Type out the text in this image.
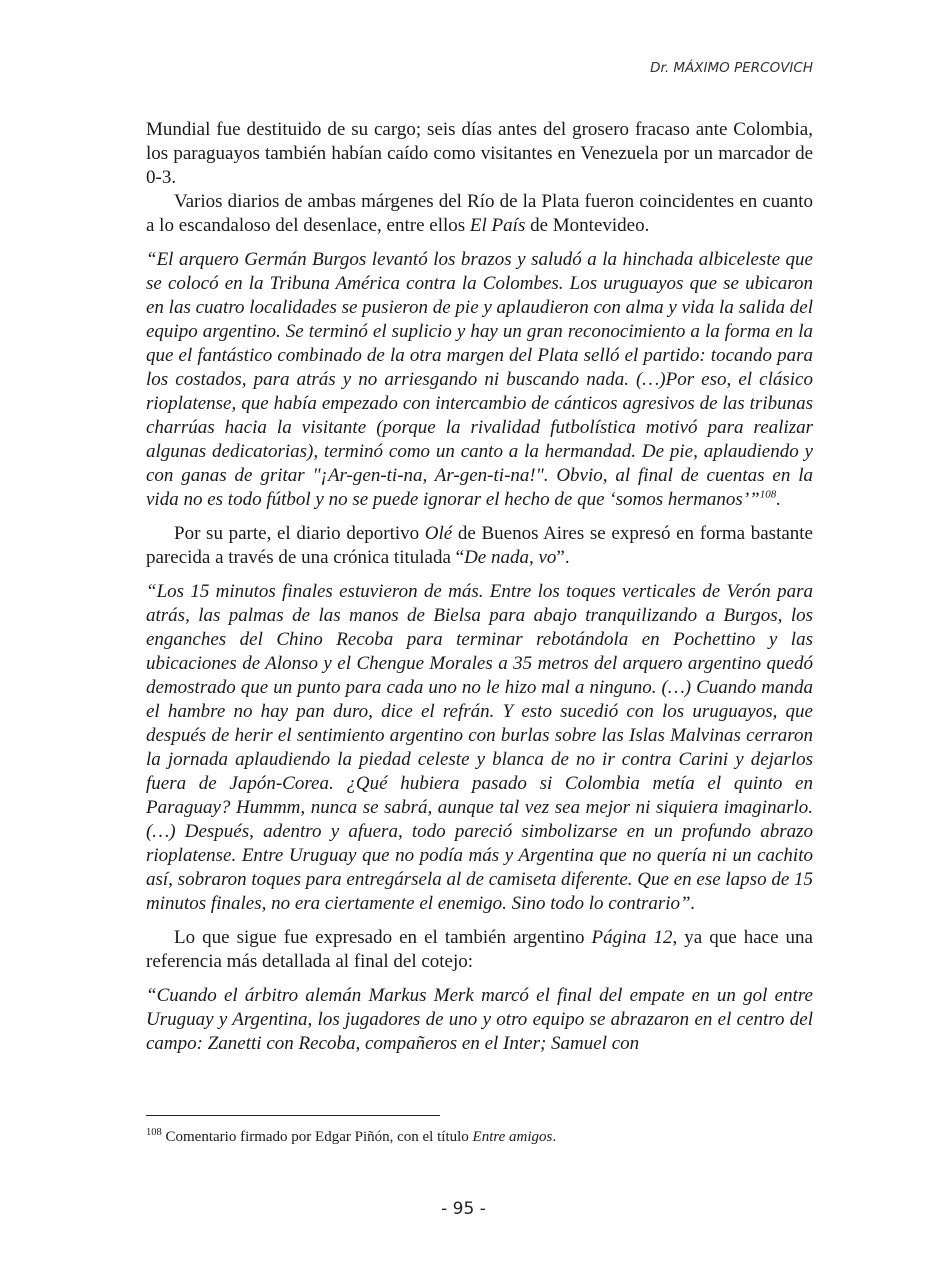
Dr. MÁXIMO PERCOVICH

Mundial fue destituido de su cargo; seis días antes del grosero fracaso ante Colombia, los paraguayos también habían caído como visitantes en Venezuela por un marcador de 0-3.

Varios diarios de ambas márgenes del Río de la Plata fueron coincidentes en cuanto a lo escandaloso del desenlace, entre ellos El País de Montevideo.

“El arquero Germán Burgos levantó los brazos y saludó a la hinchada albiceleste que se colocó en la Tribuna América contra la Colombes. Los uruguayos que se ubicaron en las cuatro localidades se pusieron de pie y aplaudieron con alma y vida la salida del equipo argentino. Se terminó el suplicio y hay un gran reconocimiento a la forma en la que el fantástico combinado de la otra margen del Plata selló el partido: tocando para los costados, para atrás y no arriesgando ni buscando nada. (…)Por eso, el clásico rioplatense, que había empezado con intercambio de cánticos agresivos de las tribunas charrúas hacia la visitante (porque la rivalidad futbolística motivó para realizar algunas dedicatorias), terminó como un canto a la hermandad. De pie, aplaudiendo y con ganas de gritar "¡Ar-gen-ti-na, Ar-gen-ti-na!". Obvio, al final de cuentas en la vida no es todo fútbol y no se puede ignorar el hecho de que ‘somos hermanos’”$^{108}$.

Por su parte, el diario deportivo Olé de Buenos Aires se expresó en forma bastante parecida a través de una crónica titulada “De nada, vo”.

“Los 15 minutos finales estuvieron de más. Entre los toques verticales de Verón para atrás, las palmas de las manos de Bielsa para abajo tranquilizando a Burgos, los enganches del Chino Recoba para terminar rebotándola en Pochettino y las ubicaciones de Alonso y el Chengue Morales a 35 metros del arquero argentino quedó demostrado que un punto para cada uno no le hizo mal a ninguno. (…) Cuando manda el hambre no hay pan duro, dice el refrán. Y esto sucedió con los uruguayos, que después de herir el sentimiento argentino con burlas sobre las Islas Malvinas cerraron la jornada aplaudiendo la piedad celeste y blanca de no ir contra Carini y dejarlos fuera de Japón-Corea. ¿Qué hubiera pasado si Colombia metía el quinto en Paraguay? Hummm, nunca se sabrá, aunque tal vez sea mejor ni siquiera imaginarlo. (…) Después, adentro y afuera, todo pareció simbolizarse en un profundo abrazo rioplatense. Entre Uruguay que no podía más y Argentina que no quería ni un cachito así, sobraron toques para entregársela al de camiseta diferente. Que en ese lapso de 15 minutos finales, no era ciertamente el enemigo. Sino todo lo contrario”.

Lo que sigue fue expresado en el también argentino Página 12, ya que hace una referencia más detallada al final del cotejo:

“Cuando el árbitro alemán Markus Merk marcó el final del empate en un gol entre Uruguay y Argentina, los jugadores de uno y otro equipo se abrazaron en el centro del campo: Zanetti con Recoba, compañeros en el Inter; Samuel con

$^{108}$ Comentario firmado por Edgar Piñón, con el título Entre amigos.
- 95 -
